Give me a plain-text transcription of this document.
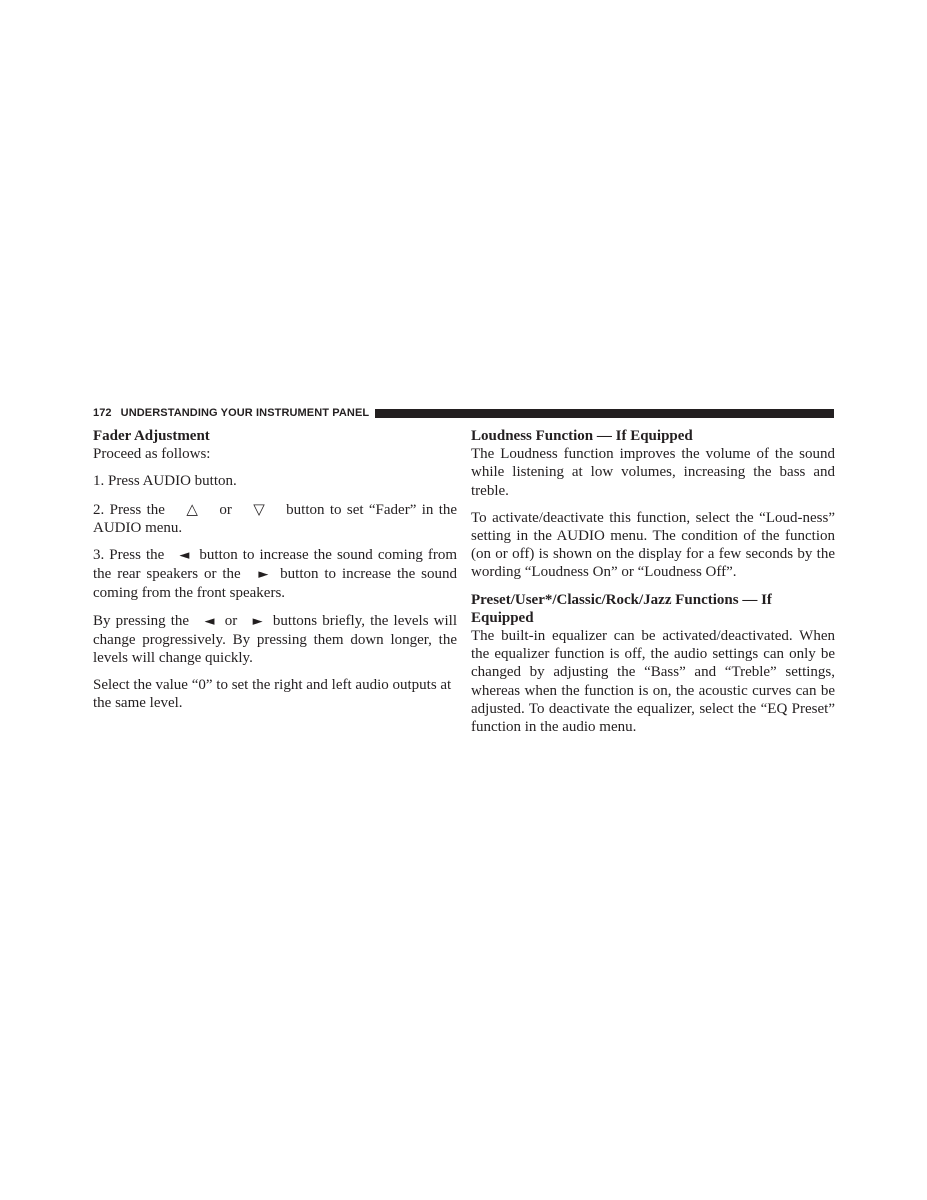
172 UNDERSTANDING YOUR INSTRUMENT PANEL
Fader Adjustment

Proceed as follows:

1. Press AUDIO button.

2. Press the △ or ▽ button to set “Fader” in the AUDIO menu.

3. Press the ◄ button to increase the sound coming from the rear speakers or the ► button to increase the sound coming from the front speakers.

By pressing the ◄ or ► buttons briefly, the levels will change progressively. By pressing them down longer, the levels will change quickly.

Select the value “0” to set the right and left audio outputs at the same level.

Loudness Function — If Equipped

The Loudness function improves the volume of the sound while listening at low volumes, increasing the bass and treble.

To activate/deactivate this function, select the “Loud-ness” setting in the AUDIO menu. The condition of the function (on or off) is shown on the display for a few seconds by the wording “Loudness On” or “Loudness Off”.

Preset/User*/Classic/Rock/Jazz Functions — If Equipped

The built-in equalizer can be activated/deactivated. When the equalizer function is off, the audio settings can only be changed by adjusting the “Bass” and “Treble” settings, whereas when the function is on, the acoustic curves can be adjusted. To deactivate the equalizer, select the “EQ Preset” function in the audio menu.
